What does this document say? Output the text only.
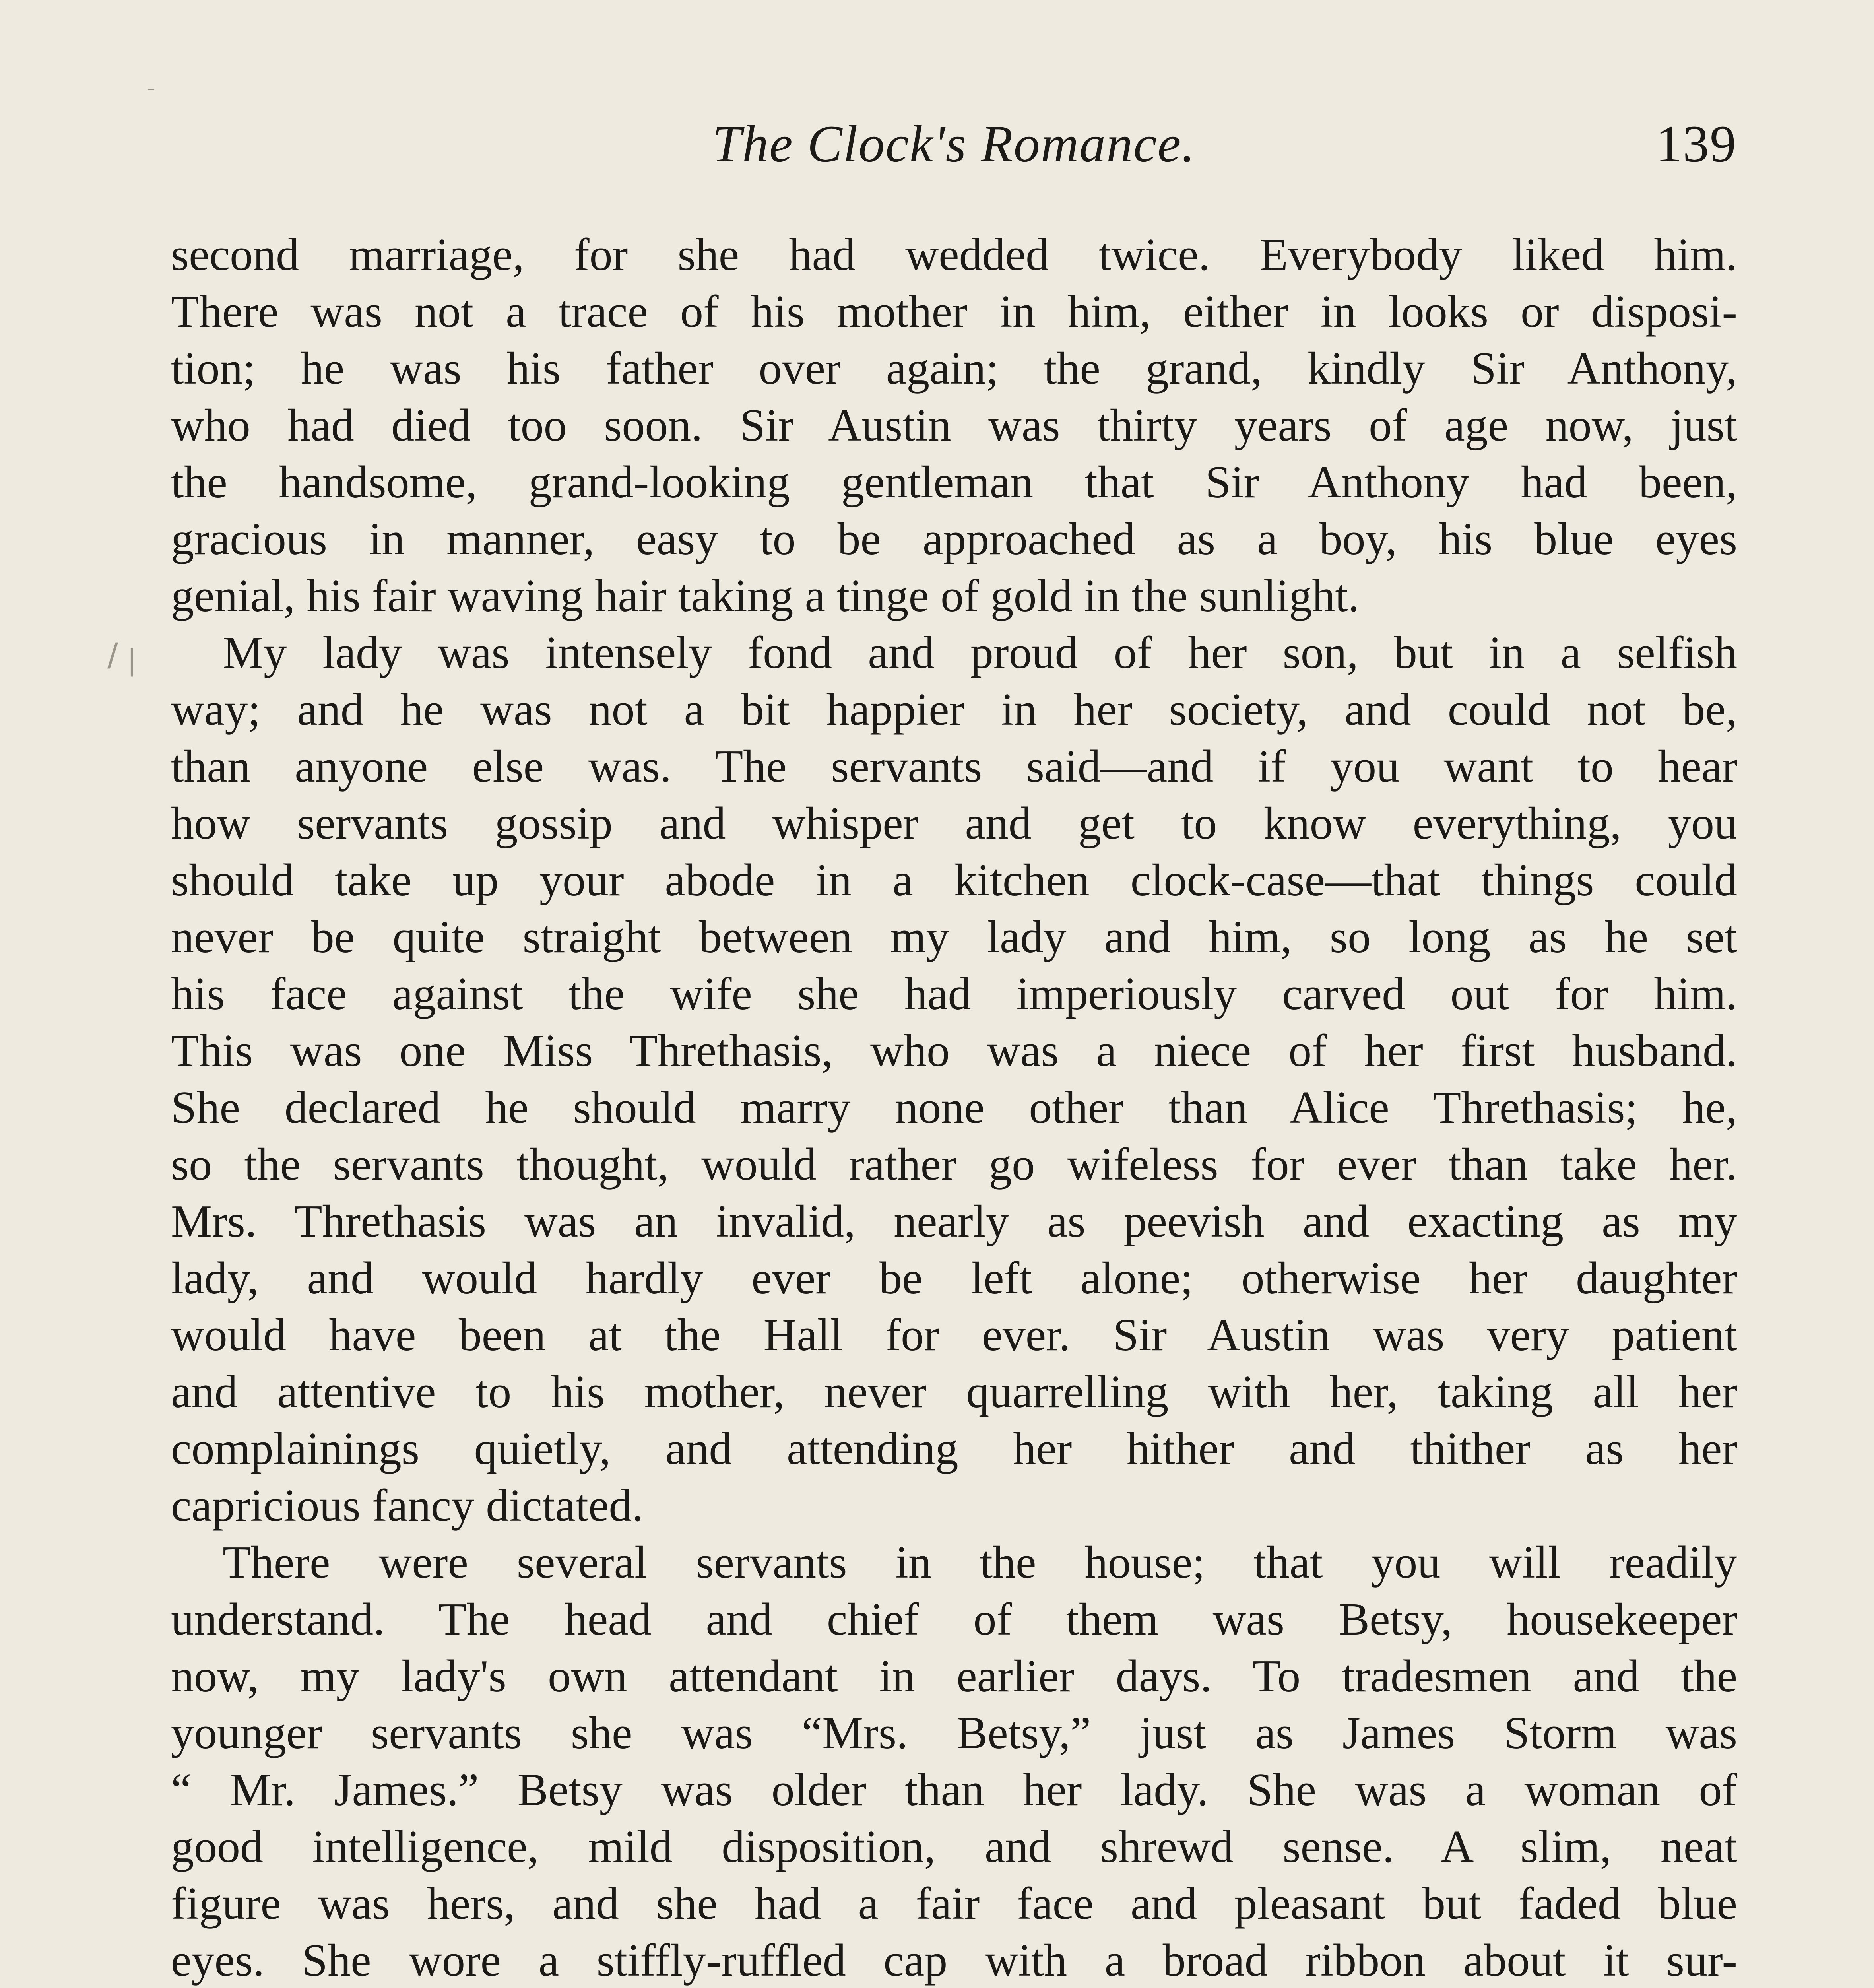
The Clock's Romance.	139
second marriage, for she had wedded twice. Everybody liked him.
There was not a trace of his mother in him, either in looks or disposi-
tion; he was his father over again; the grand, kindly Sir Anthony,
who had died too soon. Sir Austin was thirty years of age now, just
the handsome, grand-looking gentleman that Sir Anthony had been,
gracious in manner, easy to be approached as a boy, his blue eyes
genial, his fair waving hair taking a tinge of gold in the sunlight.
My lady was intensely fond and proud of her son, but in a selfish
way; and he was not a bit happier in her society, and could not be,
than anyone else was. The servants said—and if you want to hear
how servants gossip and whisper and get to know everything, you
should take up your abode in a kitchen clock-case—that things could
never be quite straight between my lady and him, so long as he set
his face against the wife she had imperiously carved out for him.
This was one Miss Threthasis, who was a niece of her first husband.
She declared he should marry none other than Alice Threthasis; he,
so the servants thought, would rather go wifeless for ever than take her.
Mrs. Threthasis was an invalid, nearly as peevish and exacting as my
lady, and would hardly ever be left alone; otherwise her daughter
would have been at the Hall for ever. Sir Austin was very patient
and attentive to his mother, never quarrelling with her, taking all her
complainings quietly, and attending her hither and thither as her
capricious fancy dictated.
There were several servants in the house; that you will readily
understand. The head and chief of them was Betsy, housekeeper
now, my lady's own attendant in earlier days. To tradesmen and the
younger servants she was “Mrs. Betsy,” just as James Storm was
“ Mr. James.” Betsy was older than her lady. She was a woman of
good intelligence, mild disposition, and shrewd sense. A slim, neat
figure was hers, and she had a fair face and pleasant but faded blue
eyes. She wore a stiffly-ruffled cap with a broad ribbon about it sur-
–
∕ |
